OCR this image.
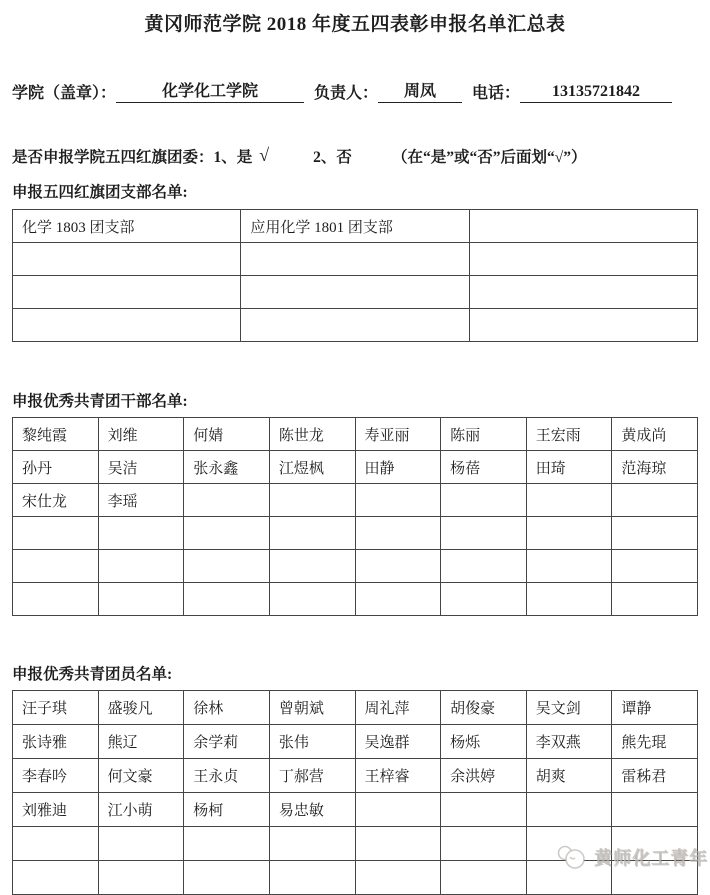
黄冈师范学院 2018 年度五四表彰申报名单汇总表
学院（盖章）：	化学化工学院	负责人： 周凤 电话： 13135721842
是否申报学院五四红旗团委：1、是 √	2、否	（在“是”或“否”后面划“√”）
申报五四红旗团支部名单:
化学 1803 团支部	应用化学 1801 团支部	

申报优秀共青团干部名单:
黎纯霞	刘维	何婧	陈世龙	寿亚丽	陈丽	王宏雨	黄成尚
孙丹	吴洁	张永鑫	江煜枫	田静	杨蓓	田琦	范海琼
宋仕龙	李瑶						

申报优秀共青团员名单:
汪子琪	盛骏凡	徐林	曾朝斌	周礼萍	胡俊豪	吴文剑	谭静
张诗雅	熊辽	余学莉	张伟	吴逸群	杨烁	李双燕	熊先琨
李春吟	何文豪	王永贞	丁郝营	王梓睿	余洪婷	胡爽	雷秭君
刘雅迪	江小萌	杨柯	易忠敏				

黄师化工青年
